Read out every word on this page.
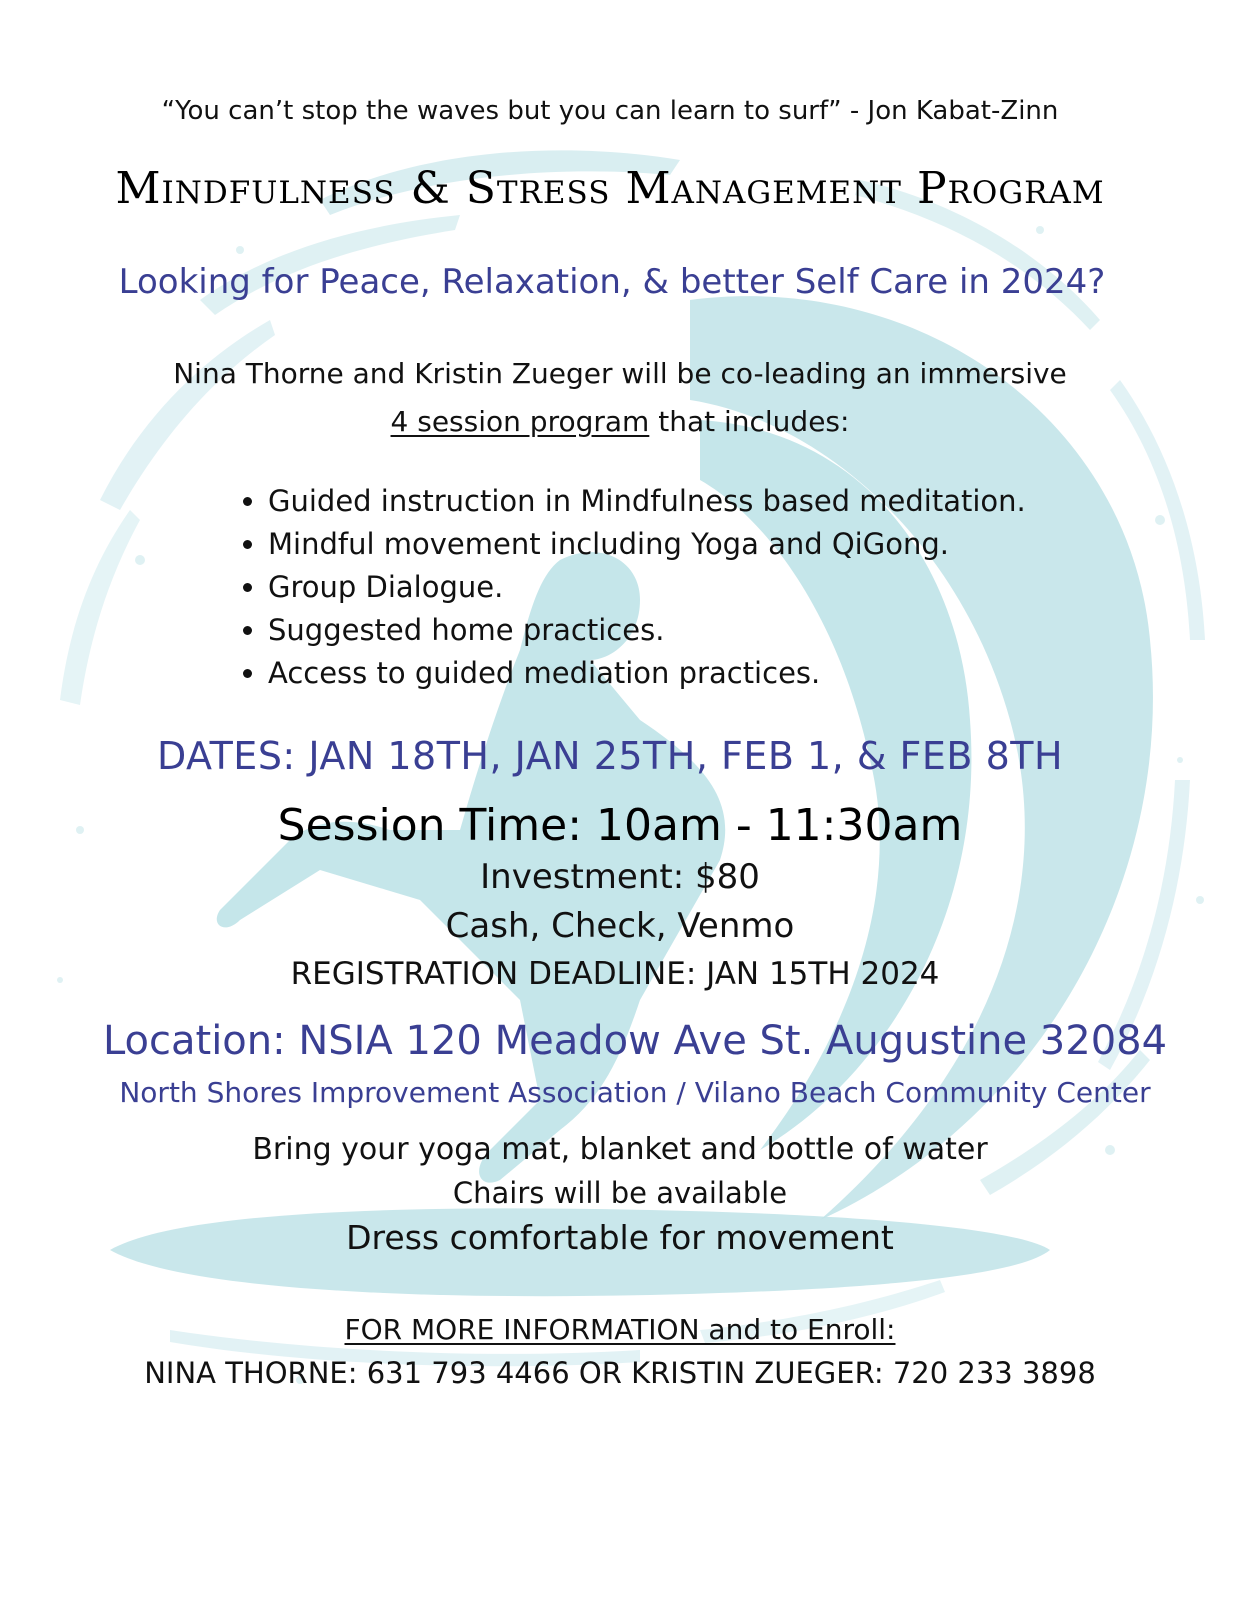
“You can’t stop the waves but you can learn to surf” - Jon Kabat-Zinn
Mindfulness & Stress Management Program
Looking for Peace, Relaxation, & better Self Care in 2024?
Nina Thorne and Kristin Zueger will be co-leading an immersive
4 session program that includes:
• Guided instruction in Mindfulness based meditation.
• Mindful movement including Yoga and QiGong.
• Group Dialogue.
• Suggested home practices.
• Access to guided mediation practices.
DATES: JAN 18TH, JAN 25TH, FEB 1, & FEB 8TH
Session Time: 10am - 11:30am
Investment: $80
Cash, Check, Venmo
REGISTRATION DEADLINE: JAN 15TH 2024
Location: NSIA 120 Meadow Ave St. Augustine 32084
North Shores Improvement Association / Vilano Beach Community Center
Bring your yoga mat, blanket and bottle of water
Chairs will be available
Dress comfortable for movement
FOR MORE INFORMATION and to Enroll:
NINA THORNE: 631 793 4466 OR KRISTIN ZUEGER: 720 233 3898
